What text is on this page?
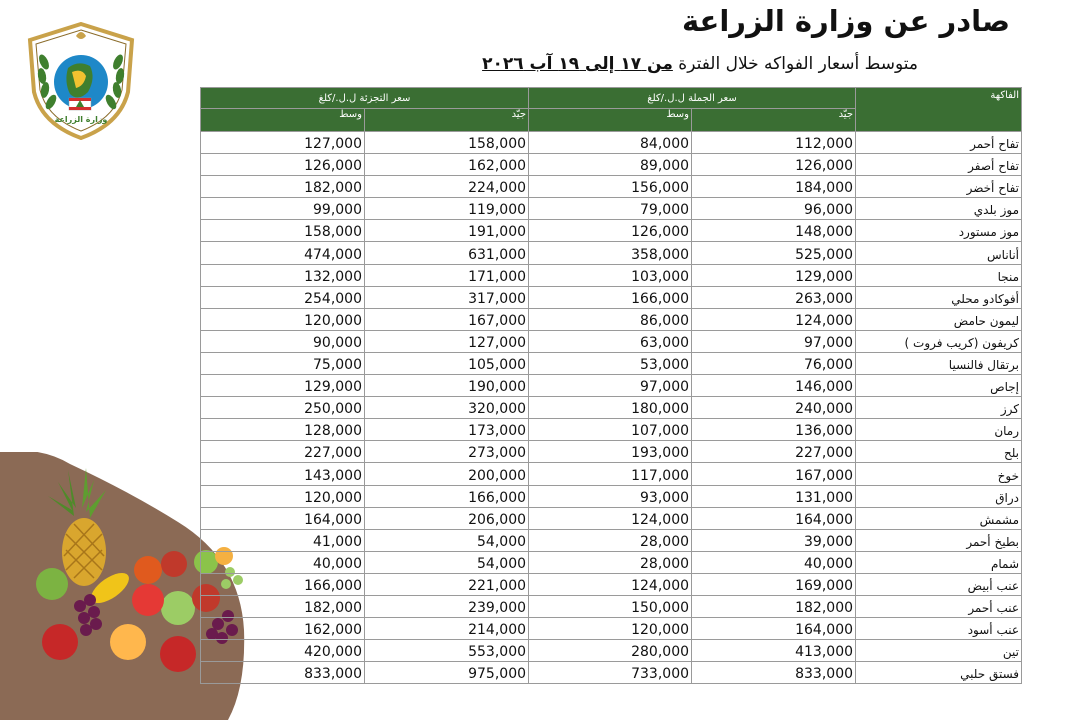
وزارة الزراعة
صادر عن وزارة الزراعة
متوسط أسعار الفواكه خلال الفترة من ١٧ إلى ١٩ آب ٢٠٢٦
سعر التجزئة ل.ل./كلغ		سعر الجملة ل.ل./كلغ		الفاكهة
وسط	جيّد	وسط	جيّد	
127,000	158,000	84,000	112,000	تفاح أحمر
126,000	162,000	89,000	126,000	تفاح أصفر
182,000	224,000	156,000	184,000	تفاح أخضر
99,000	119,000	79,000	96,000	موز بلدي
158,000	191,000	126,000	148,000	موز مستورد
474,000	631,000	358,000	525,000	أناناس
132,000	171,000	103,000	129,000	منجا
254,000	317,000	166,000	263,000	أفوكادو محلي
120,000	167,000	86,000	124,000	ليمون حامض
90,000	127,000	63,000	97,000	كريفون (كريب فروت )
75,000	105,000	53,000	76,000	برتقال فالنسيا
129,000	190,000	97,000	146,000	إجاص
250,000	320,000	180,000	240,000	كرز
128,000	173,000	107,000	136,000	رمان
227,000	273,000	193,000	227,000	بلح
143,000	200,000	117,000	167,000	خوخ
120,000	166,000	93,000	131,000	دراق
164,000	206,000	124,000	164,000	مشمش
41,000	54,000	28,000	39,000	بطيخ أحمر
40,000	54,000	28,000	40,000	شمام
166,000	221,000	124,000	169,000	عنب أبيض
182,000	239,000	150,000	182,000	عنب أحمر
162,000	214,000	120,000	164,000	عنب أسود
420,000	553,000	280,000	413,000	تين
833,000	975,000	733,000	833,000	فستق حلبي
